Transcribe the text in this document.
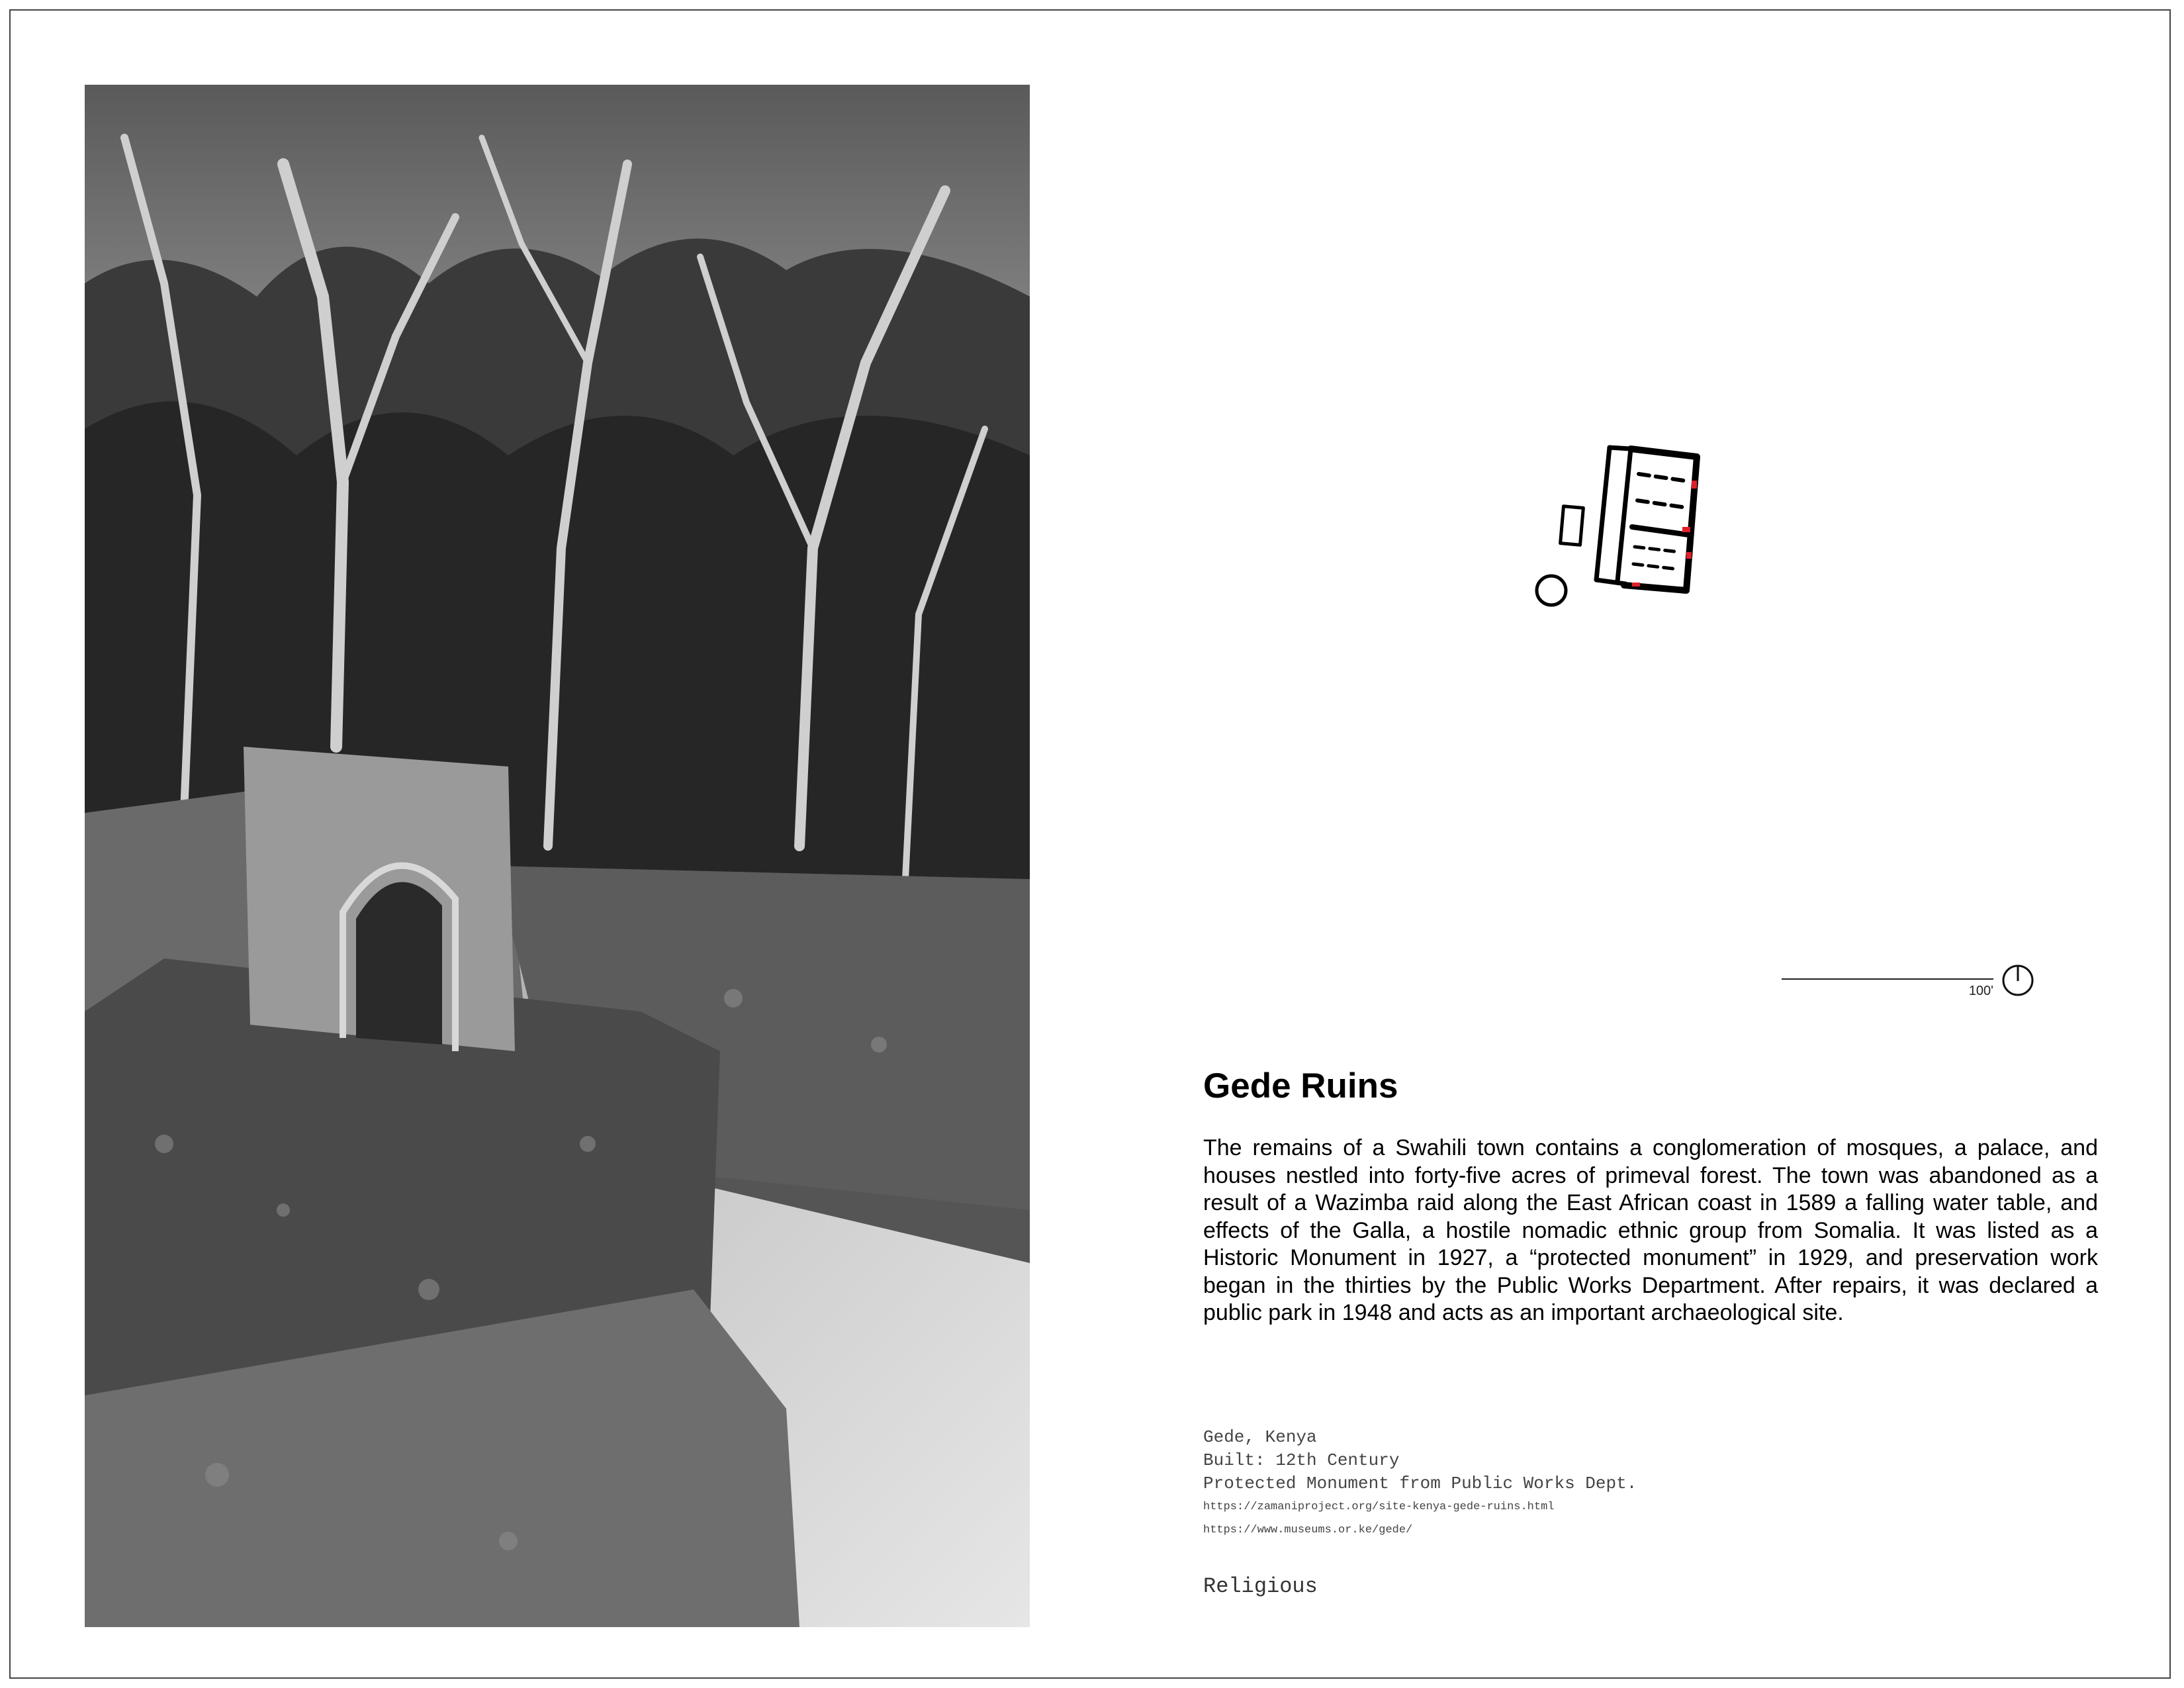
100'
Gede Ruins

The remains of a Swahili town contains a conglomeration of mosques, a palace, and houses nestled into forty-five acres of primeval forest. The town was abandoned as a result of a Wazimba raid along the East African coast in 1589 a falling water table, and effects of the Galla, a hostile nomadic ethnic group from Somalia. It was listed as a Historic Monument in 1927, a “protected monument” in 1929, and preservation work began in the thirties by the Public Works Department. After repairs, it was declared a public park in 1948 and acts as an important archaeological site.

Gede, Kenya
Built: 12th Century
Protected Monument from Public Works Dept.
https://zamaniproject.org/site-kenya-gede-ruins.html
https://www.museums.or.ke/gede/
Religious
